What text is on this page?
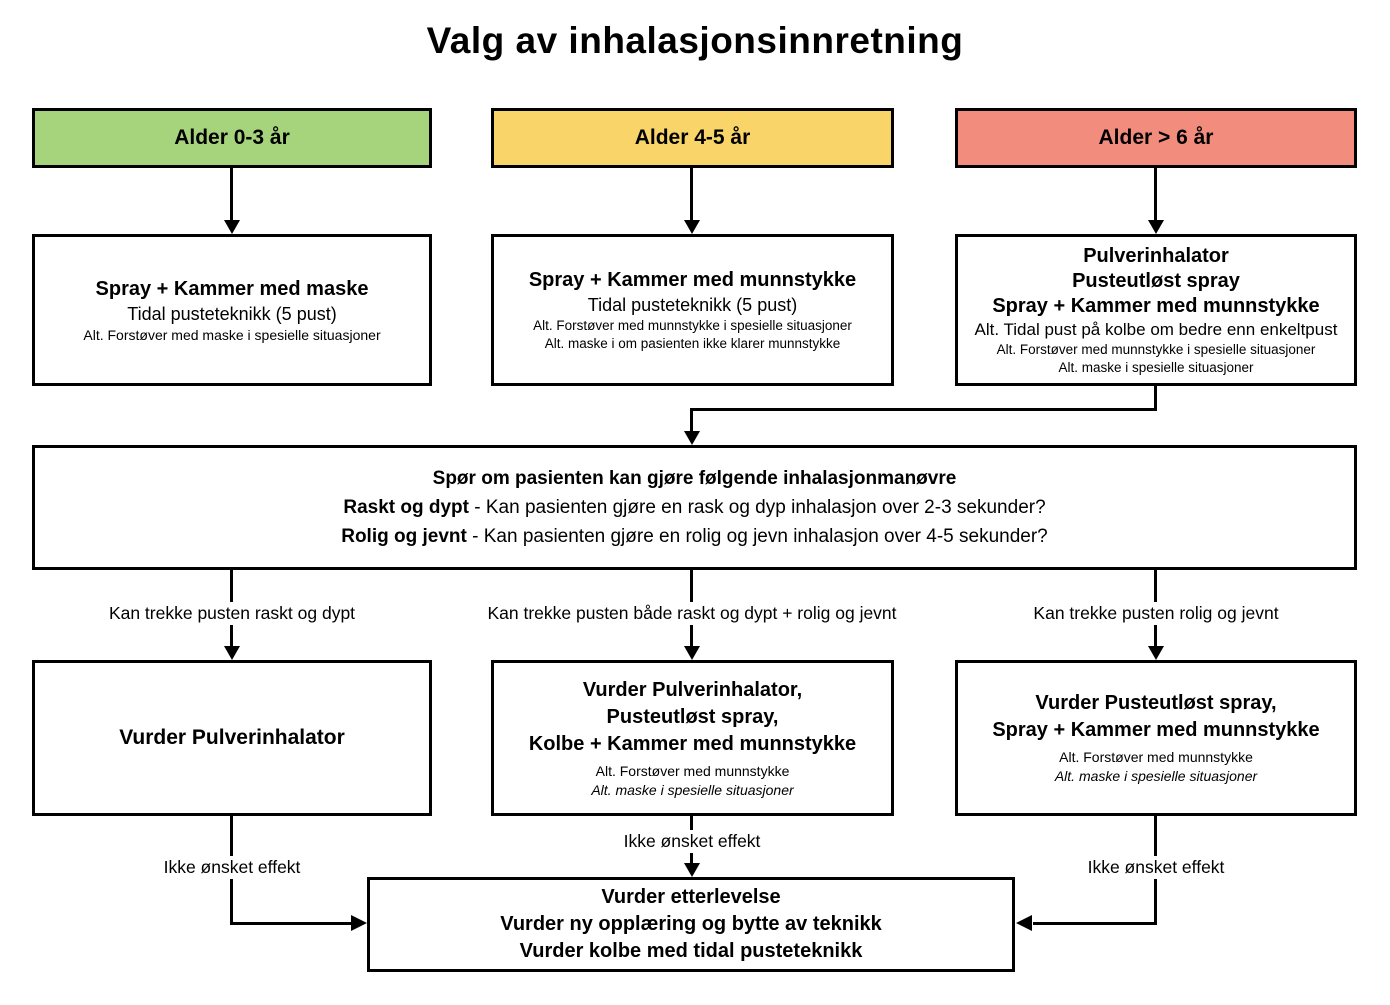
Valg av inhalasjonsinnretning
Alder 0-3 år	Alder 4-5 år	Alder > 6 år
Spray + Kammer med maske
Tidal pusteteknikk (5 pust)
Alt. Forstøver med maske i spesielle situasjoner
Spray + Kammer med munnstykke
Tidal pusteteknikk (5 pust)
Alt. Forstøver med munnstykke i spesielle situasjoner
Alt. maske i om pasienten ikke klarer munnstykke
Pulverinhalator
Pusteutløst spray
Spray + Kammer med munnstykke
Alt. Tidal pust på kolbe om bedre enn enkeltpust
Alt. Forstøver med munnstykke i spesielle situasjoner
Alt. maske i spesielle situasjoner
Spør om pasienten kan gjøre følgende inhalasjonmanøvre
Raskt og dypt - Kan pasienten gjøre en rask og dyp inhalasjon over 2-3 sekunder?
Rolig og jevnt - Kan pasienten gjøre en rolig og jevn inhalasjon over 4-5 sekunder?
Kan trekke pusten raskt og dypt	Kan trekke pusten både raskt og dypt + rolig og jevnt	Kan trekke pusten rolig og jevnt
Vurder Pulverinhalator
Vurder Pulverinhalator,
Pusteutløst spray,
Kolbe + Kammer med munnstykke
Alt. Forstøver med munnstykke
Alt. maske i spesielle situasjoner
Vurder Pusteutløst spray,
Spray + Kammer med munnstykke
Alt. Forstøver med munnstykke
Alt. maske i spesielle situasjoner
Ikke ønsket effekt
Ikke ønsket effekt
Ikke ønsket effekt
Vurder etterlevelse
Vurder ny opplæring og bytte av teknikk
Vurder kolbe med tidal pusteteknikk
